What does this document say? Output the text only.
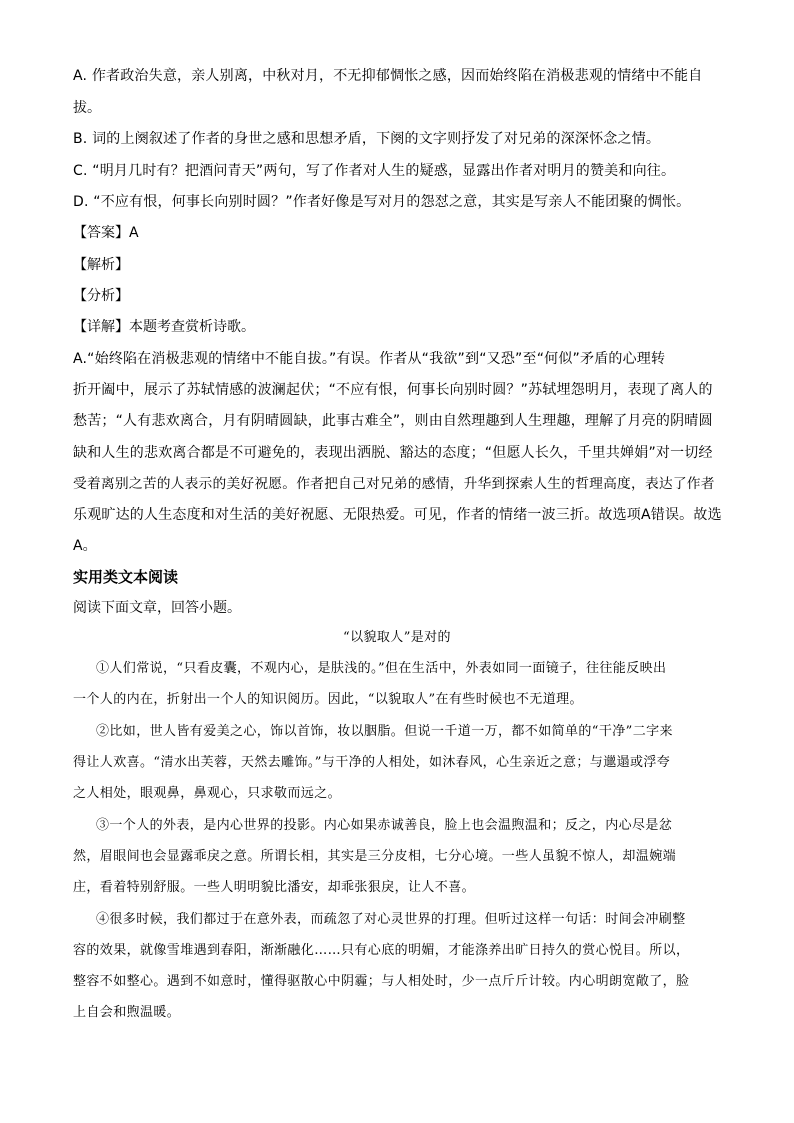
A. 作者政治失意，亲人别离，中秋对月，不无抑郁惆怅之感，因而始终陷在消极悲观的情绪中不能自
拔。
B. 词的上阕叙述了作者的身世之感和思想矛盾，下阕的文字则抒发了对兄弟的深深怀念之情。
C. “明月几时有？把酒问青天”两句，写了作者对人生的疑惑，显露出作者对明月的赞美和向往。
D. “不应有恨，何事长向别时圆？”作者好像是写对月的怨怼之意，其实是写亲人不能团聚的惆怅。
【答案】A
【解析】
【分析】
【详解】本题考查赏析诗歌。
A.“始终陷在消极悲观的情绪中不能自拔。”有误。作者从“我欲”到“又恐”至“何似”矛盾的心理转
折开阖中，展示了苏轼情感的波澜起伏；“不应有恨，何事长向别时圆？”苏轼埋怨明月，表现了离人的
愁苦；“人有悲欢离合，月有阴晴圆缺，此事古难全”，则由自然理趣到人生理趣，理解了月亮的阴晴圆
缺和人生的悲欢离合都是不可避免的，表现出洒脱、豁达的态度；“但愿人长久，千里共婵娟”对一切经
受着离别之苦的人表示的美好祝愿。作者把自己对兄弟的感情，升华到探索人生的哲理高度，表达了作者
乐观旷达的人生态度和对生活的美好祝愿、无限热爱。可见，作者的情绪一波三折。故选项A错误。故选
A。
实用类文本阅读
阅读下面文章，回答小题。
“以貌取人”是对的
①人们常说，“只看皮囊，不观内心，是肤浅的。”但在生活中，外表如同一面镜子，往往能反映出
一个人的内在，折射出一个人的知识阅历。因此，“以貌取人”在有些时候也不无道理。
②比如，世人皆有爱美之心，饰以首饰，妆以胭脂。但说一千道一万，都不如简单的“干净”二字来
得让人欢喜。“清水出芙蓉，天然去雕饰。”与干净的人相处，如沐春风，心生亲近之意；与邋遢或浮夸
之人相处，眼观鼻，鼻观心，只求敬而远之。
③一个人的外表，是内心世界的投影。内心如果赤诚善良，脸上也会温煦温和；反之，内心尽是忿
然，眉眼间也会显露乖戾之意。所谓长相，其实是三分皮相，七分心境。一些人虽貌不惊人，却温婉端
庄，看着特别舒服。一些人明明貌比潘安，却乖张狠戾，让人不喜。
④很多时候，我们都过于在意外表，而疏忽了对心灵世界的打理。但听过这样一句话：时间会冲刷整
容的效果，就像雪堆遇到春阳，渐渐融化……只有心底的明媚，才能涤养出旷日持久的赏心悦目。所以，
整容不如整心。遇到不如意时，懂得驱散心中阴霾；与人相处时，少一点斤斤计较。内心明朗宽敞了，脸
上自会和煦温暖。
